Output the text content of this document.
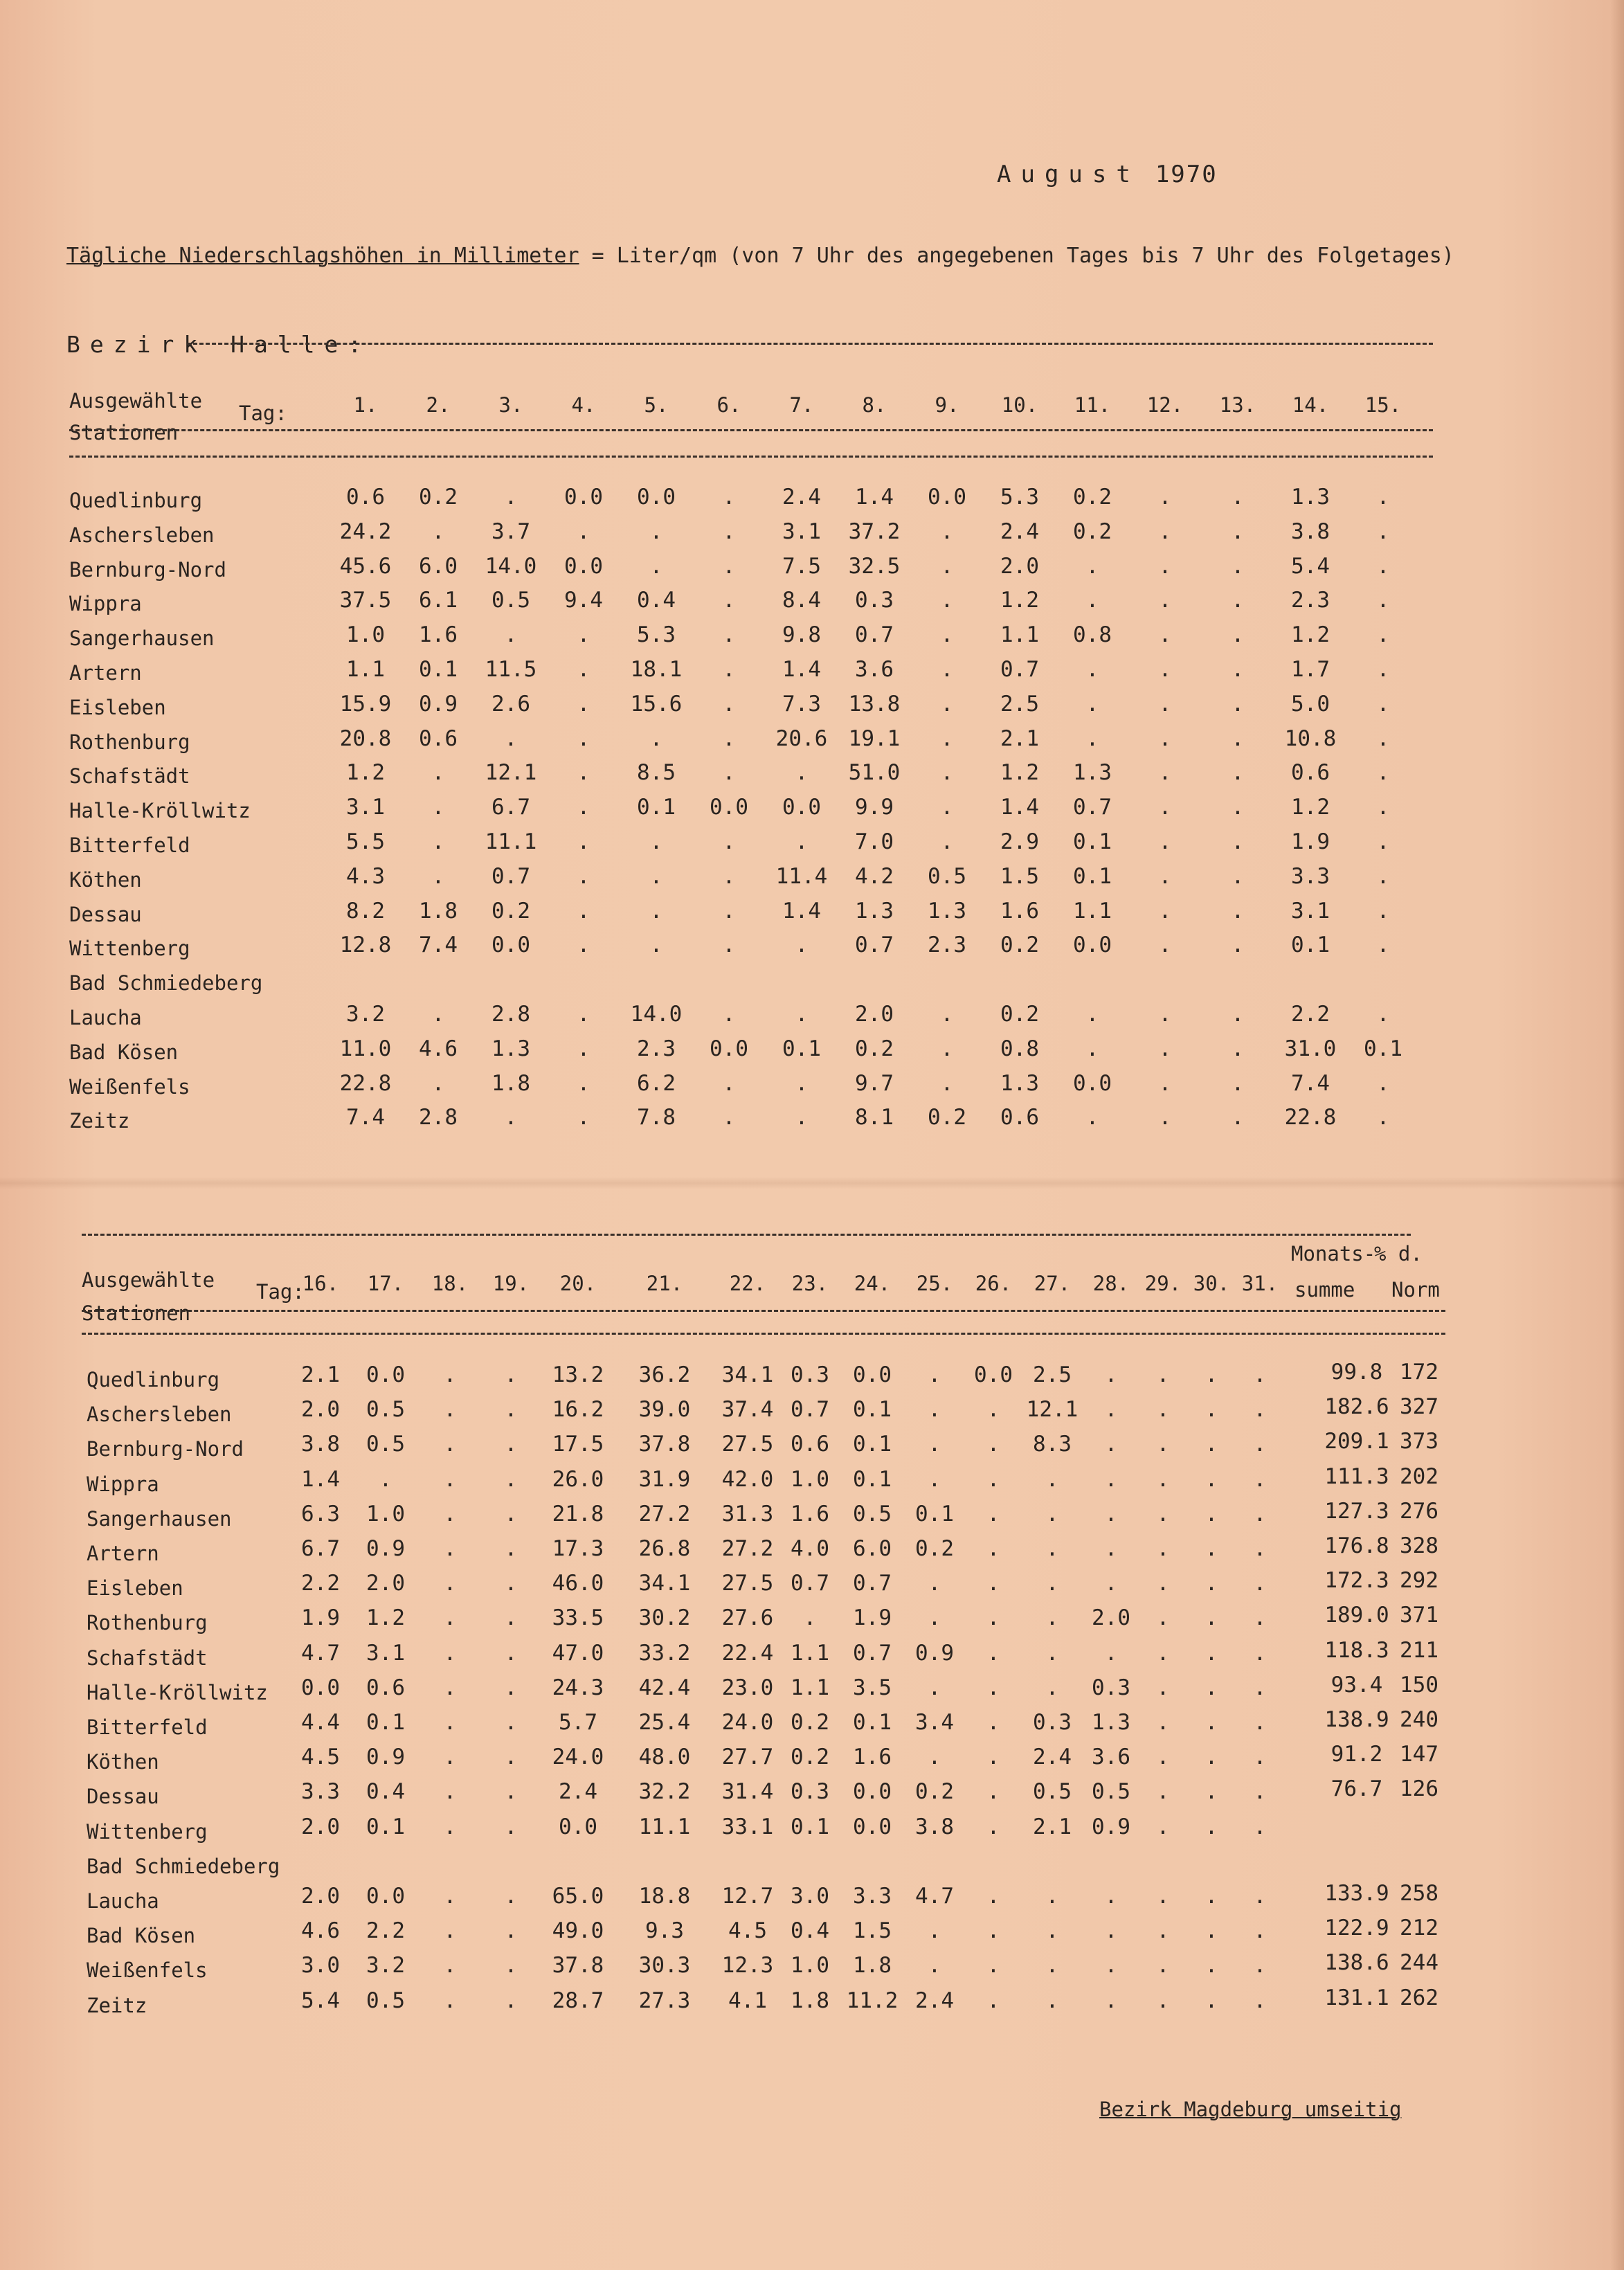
August 1970
Tägliche Niederschlagshöhen in Millimeter = Liter/qm (von 7 Uhr des angegebenen Tages bis 7 Uhr des Folgetages)
Bezirk Halle:
Ausgewählte
Stationen
Tag:	1.	2.	3.	4.	5.	6.	7.	8.	9.	10.	11.	12.	13.	14.	15.
Quedlinburg	0.6	0.2	.	0.0	0.0	.	2.4	1.4	0.0	5.3	0.2	.	.	1.3	.
Aschersleben	24.2	.	3.7	.	.	.	3.1	37.2	.	2.4	0.2	.	.	3.8	.
Bernburg-Nord	45.6	6.0	14.0	0.0	.	.	7.5	32.5	.	2.0	.	.	.	5.4	.
Wippra	37.5	6.1	0.5	9.4	0.4	.	8.4	0.3	.	1.2	.	.	.	2.3	.
Sangerhausen	1.0	1.6	.	.	5.3	.	9.8	0.7	.	1.1	0.8	.	.	1.2	.
Artern	1.1	0.1	11.5	.	18.1	.	1.4	3.6	.	0.7	.	.	.	1.7	.
Eisleben	15.9	0.9	2.6	.	15.6	.	7.3	13.8	.	2.5	.	.	.	5.0	.
Rothenburg	20.8	0.6	.	.	.	.	20.6 19.1	.	2.1	.	.	.	10.8	.
Schafstädt	1.2	.	12.1	.	8.5	.	.	51.0	.	1.2	1.3	.	.	0.6	.
Halle-Kröllwitz	3.1	.	6.7	.	0.1	0.0	0.0	9.9	.	1.4	0.7	.	.	1.2	.
Bitterfeld	5.5	.	11.1	.	.	.	.	7.0	.	2.9	0.1	.	.	1.9	.
Köthen	4.3	.	0.7	.	.	.	11.4	4.2	0.5	1.5	0.1	.	.	3.3	.
Dessau	8.2	1.8	0.2	.	.	.	1.4	1.3	1.3	1.6	1.1	.	.	3.1	.
Wittenberg	12.8	7.4	0.0	.	.	.	.	0.7	2.3	0.2	0.0	.	.	0.1	.
Bad Schmiedeberg
Laucha	3.2	.	2.8	.	14.0	.	.	2.0	.	0.2	.	.	.	2.2	.
Bad Kösen	11.0	4.6	1.3	.	2.3	0.0	0.1	0.2	.	0.8	.	.	.	31.0	0.1
Weißenfels	22.8	.	1.8	.	6.2	.	.	9.7	.	1.3	0.0	.	.	7.4	.
Zeitz	7.4	2.8	.	.	7.8	.	.	8.1	0.2	0.6	.	.	.	22.8	.
Ausgewählte
Stationen
Tag:
16.	17.	18.	19.	20.	21.	22.	23.	24.	25.	26.	27.	28. 29. 30. 31.
Monats-
summe
% d.
Norm
Quedlinburg	2.1	0.0	.	.	13.2 36.2 34.1 0.3	0.0	.	0.0 2.5	.	.	.	.	99.8 172
Aschersleben	2.0	0.5	.	.	16.2 39.0 37.4 0.7	0.1	.	.	12.1	.	.	.	.	182.6 327
Bernburg-Nord	3.8	0.5	.	.	17.5 37.8 27.5 0.6	0.1	.	.	8.3	.	.	.	.	209.1 373
Wippra	1.4	.	.	.	26.0 31.9 42.0 1.0	0.1	.	.	.	.	.	.	.	111.3 202
Sangerhausen	6.3	1.0	.	.	21.8 27.2 31.3 1.6	0.5	0.1	.	.	.	.	.	.	127.3 276
Artern	6.7	0.9	.	.	17.3 26.8 27.2 4.0	6.0	0.2	.	.	.	.	.	.	176.8 328
Eisleben	2.2	2.0	.	.	46.0 34.1 27.5 0.7	0.7	.	.	.	.	.	.	.	172.3 292
Rothenburg	1.9	1.2	.	.	33.5 30.2 27.6	.	1.9	.	.	.	2.0	.	.	.	189.0 371
Schafstädt	4.7	3.1	.	.	47.0 33.2 22.4 1.1	0.7	0.9	.	.	.	.	.	.	118.3 211
Halle-Kröllwitz	0.0	0.6	.	.	24.3 42.4 23.0 1.1	3.5	.	.	.	0.3	.	.	.	93.4 150
Bitterfeld	4.4	0.1	.	.	5.7	25.4 24.0 0.2	0.1	3.4	.	0.3 1.3	.	.	.	138.9 240
Köthen	4.5	0.9	.	.	24.0 48.0 27.7 0.2	1.6	.	.	2.4 3.6	.	.	.	91.2 147
Dessau	3.3	0.4	.	.	2.4	32.2 31.4 0.3	0.0	0.2	.	0.5 0.5	.	.	.	76.7 126
Wittenberg	2.0	0.1	.	.	0.0	11.1 33.1 0.1	0.0	3.8	.	2.1 0.9	.	.	.
Bad Schmiedeberg
Laucha	2.0	0.0	.	.	65.0 18.8 12.7 3.0	3.3	4.7	.	.	.	.	.	.	133.9 258
Bad Kösen	4.6	2.2	.	.	49.0	9.3	4.5	0.4	1.5	.	.	.	.	.	.	.	122.9 212
Weißenfels	3.0	3.2	.	.	37.8 30.3 12.3 1.0	1.8	.	.	.	.	.	.	.	138.6 244
Zeitz	5.4	0.5	.	.	28.7 27.3	4.1	1.8 11.2 2.4	.	.	.	.	.	.	131.1 262
Bezirk Magdeburg umseitig
